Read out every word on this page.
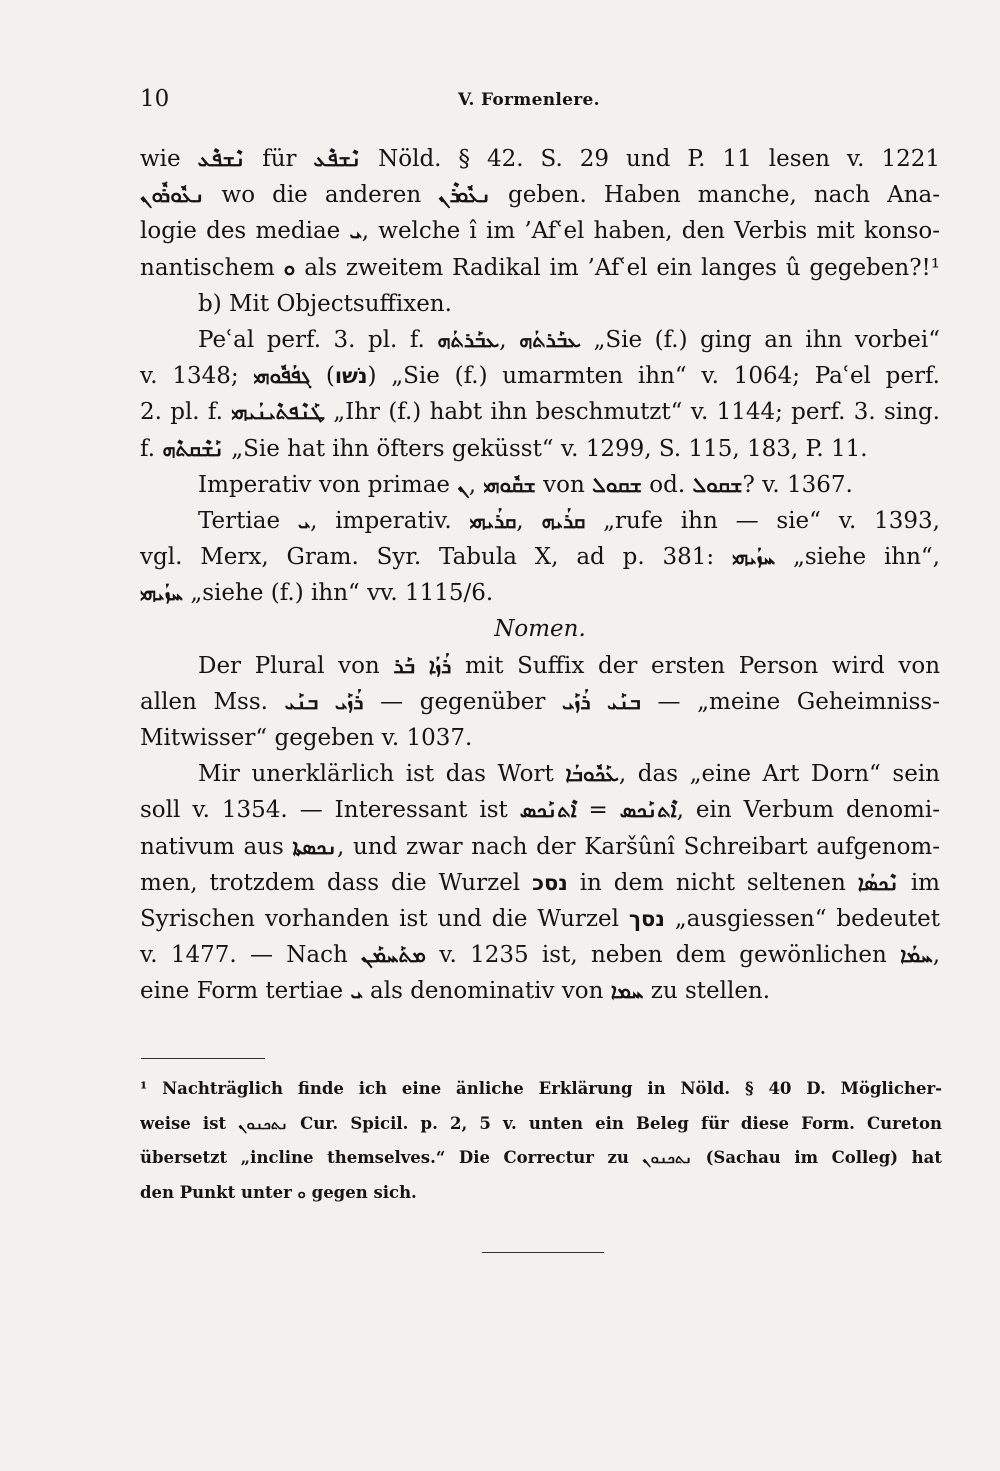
10	V. Formenlere.
wie ܢܶܫܦܶܥ für ܢܶܫܦܶܥ Nöld. § 42. S. 29 und P. 11 lesen v. 1221
ܢܥܽܘܪܽܘܢ wo die anderen ܢܥܽܘܪܶܢ geben. Haben manche, nach Ana-
logie des mediae ܝ, welche î im ’Afʿel haben, den Verbis mit konso-
nantischem ܘ als zweitem Radikal im ’Afʿel ein langes û gegeben?!¹
b) Mit Objectsuffixen.
Peʿal perf. 3. pl. f. ܥܒܰܪܬܳܗ, ܥܒܰܪܬܳܗ „Sie (f.) ging an ihn vorbei“
v. 1348; ܓܦܳܦܽܘܗܝ (נשׁו) „Sie (f.) umarmten ihn“ v. 1064; Paʿel perf.
2. pl. f. ܛܰܢܶܦܬܶܝܢܳܝܗܝ „Ihr (f.) habt ihn beschmutzt“ v. 1144; perf. 3. sing.
f. ܢܰܫܶܩܬܶܗ „Sie hat ihn öfters geküsst“ v. 1299, S. 115, 183, P. 11.
Imperativ von primae ܢ, ܫܩܽܘܗܝ von ܫܩܘܠ od. ܫܩܘܠ? v. 1367.
Tertiae ܝ, imperativ. ܩܪܳܝܗܝ, ܩܪܳܝܗ „rufe ihn — sie“ v. 1393,
vgl. Merx, Gram. Syr. Tabula X, ad p. 381: ܚܙܳܝܗܝ „siehe ihn“,
ܚܙܳܝܗܝ „siehe (f.) ihn“ vv. 1115/6.
Nomen.
Der Plural von ܪܳܙܳܐ ܒܰܪ mit Suffix der ersten Person wird von
allen Mss. ܪܳܙܰܝ ܒܢܰܝ — gegenüber ܒܢܰܝ ܪܳܙܰܝ — „meine Geheimniss-
Mitwisser“ gegeben v. 1037.
Mir unerklärlich ist das Wort ܥܰܟܽܘܒܳܐ, das „eine Art Dorn“ sein
soll v. 1354. — Interessant ist ܐܶܬܢܰܟܣ = ܐܶܬܢܰܟܣ, ein Verbum denomi-
nativum aus ܢܟܣܬܐ, und zwar nach der Karšûnî Schreibart aufgenom-
men, trotzdem dass die Wurzel נסכ in dem nicht seltenen ܢܶܟܣܳܐ im
Syrischen vorhanden ist und die Wurzel נסך „ausgiessen“ bedeutet
v. 1477. — Nach ܡܬܰܚܡܰܢ v. 1235 ist, neben dem gewönlichen ܚܡܳܐ,
eine Form tertiae ܝ als denominativ von ܚܡܐ zu stellen.
¹ Nachträglich finde ich eine änliche Erklärung in Nöld. § 40 D. Möglicher-
weise ist ܢܬܟܢܘܢ Cur. Spicil. p. 2, 5 v. unten ein Beleg für diese Form. Cureton
übersetzt „incline themselves.“ Die Correctur zu ܢܬܟܢܘܢ (Sachau im Colleg) hat
den Punkt unter ܘ gegen sich.
